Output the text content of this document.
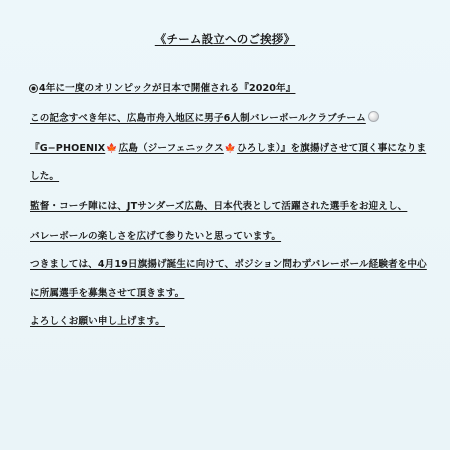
《チーム設立へのご挨拶》
4年に一度のオリンピックが日本で開催される『2020年』
この記念すべき年に、広島市舟入地区に男子6人制バレーボールクラブチーム
『G−PHOENIX🍁広島（ジーフェニックス🍁ひろしま）』を旗揚げさせて頂く事になりま
した。
監督・コーチ陣には、JTサンダーズ広島、日本代表として活躍された選手をお迎えし、
バレーボールの楽しさを広げて参りたいと思っています。
つきましては、4月19日旗揚げ誕生に向けて、ポジション問わずバレーボール経験者を中心
に所属選手を募集させて頂きます。
よろしくお願い申し上げます。
